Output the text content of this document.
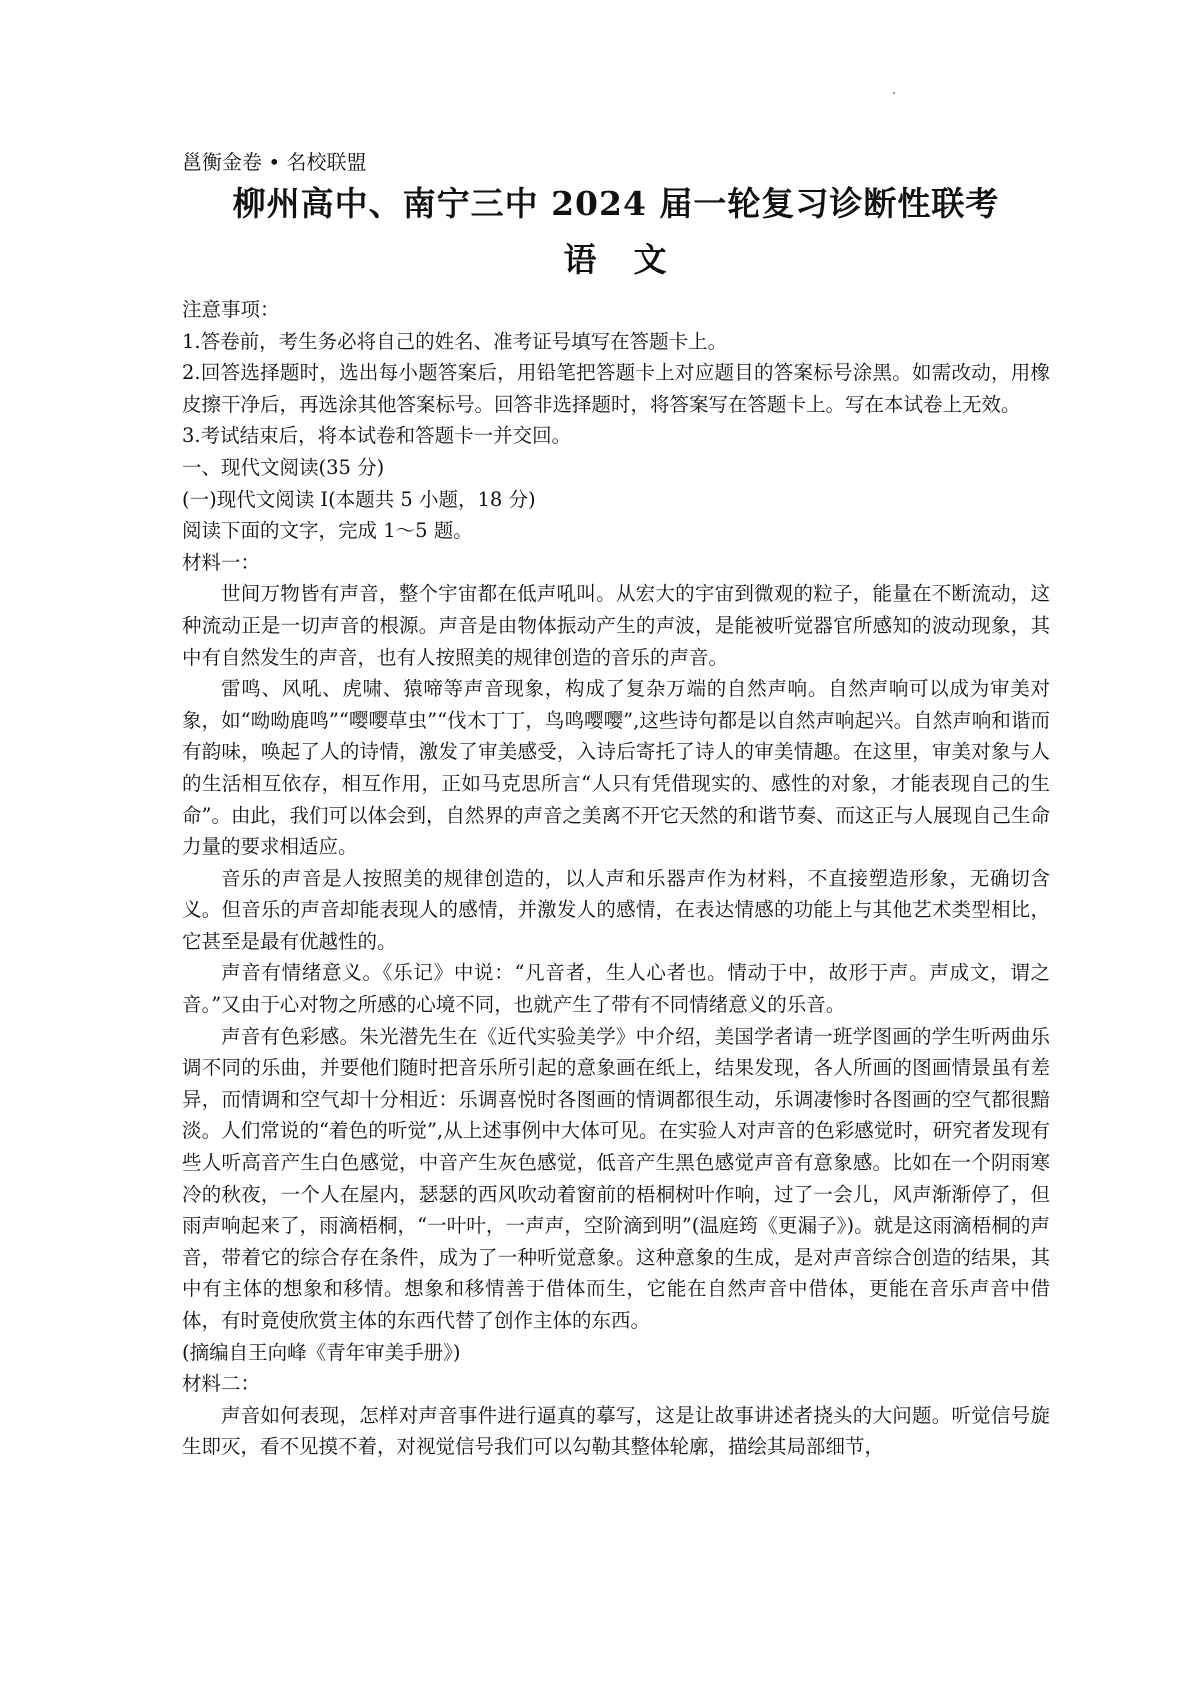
邕衡金卷 • 名校联盟

柳州高中、南宁三中 2024 届一轮复习诊断性联考
语　文

注意事项：

1.答卷前，考生务必将自己的姓名、准考证号填写在答题卡上。

2.回答选择题时，选出每小题答案后，用铅笔把答题卡上对应题目的答案标号涂黑。如需改动，用橡皮擦干净后，再选涂其他答案标号。回答非选择题时，将答案写在答题卡上。写在本试卷上无效。

3.考试结束后，将本试卷和答题卡一并交回。

一、现代文阅读(35 分)

(一)现代文阅读 I(本题共 5 小题，18 分)

阅读下面的文字，完成 1～5 题。

材料一：

世间万物皆有声音，整个宇宙都在低声吼叫。从宏大的宇宙到微观的粒子，能量在不断流动，这种流动正是一切声音的根源。声音是由物体振动产生的声波，是能被听觉器官所感知的波动现象，其中有自然发生的声音，也有人按照美的规律创造的音乐的声音。

雷鸣、风吼、虎啸、猿啼等声音现象，构成了复杂万端的自然声响。自然声响可以成为审美对象，如“呦呦鹿鸣”“嘤嘤草虫”“伐木丁丁，鸟鸣嘤嘤”,这些诗句都是以自然声响起兴。自然声响和谐而有韵味，唤起了人的诗情，激发了审美感受，入诗后寄托了诗人的审美情趣。在这里，审美对象与人的生活相互依存，相互作用，正如马克思所言“人只有凭借现实的、感性的对象，才能表现自己的生命”。由此，我们可以体会到，自然界的声音之美离不开它天然的和谐节奏、而这正与人展现自己生命力量的要求相适应。

音乐的声音是人按照美的规律创造的，以人声和乐器声作为材料，不直接塑造形象，无确切含义。但音乐的声音却能表现人的感情，并激发人的感情，在表达情感的功能上与其他艺术类型相比，它甚至是最有优越性的。

声音有情绪意义。《乐记》中说：“凡音者，生人心者也。情动于中，故形于声。声成文，谓之音。”又由于心对物之所感的心境不同，也就产生了带有不同情绪意义的乐音。

声音有色彩感。朱光潜先生在《近代实验美学》中介绍，美国学者请一班学图画的学生听两曲乐调不同的乐曲，并要他们随时把音乐所引起的意象画在纸上，结果发现，各人所画的图画情景虽有差异，而情调和空气却十分相近：乐调喜悦时各图画的情调都很生动，乐调凄惨时各图画的空气都很黯淡。人们常说的“着色的听觉”,从上述事例中大体可见。在实验人对声音的色彩感觉时，研究者发现有些人听高音产生白色感觉，中音产生灰色感觉，低音产生黑色感觉声音有意象感。比如在一个阴雨寒冷的秋夜，一个人在屋内，瑟瑟的西风吹动着窗前的梧桐树叶作响，过了一会儿，风声渐渐停了，但雨声响起来了，雨滴梧桐，“一叶叶，一声声，空阶滴到明”(温庭筠《更漏子》)。就是这雨滴梧桐的声音，带着它的综合存在条件，成为了一种听觉意象。这种意象的生成，是对声音综合创造的结果，其中有主体的想象和移情。想象和移情善于借体而生，它能在自然声音中借体，更能在音乐声音中借体，有时竟使欣赏主体的东西代替了创作主体的东西。

(摘编自王向峰《青年审美手册》)

材料二：

声音如何表现，怎样对声音事件进行逼真的摹写，这是让故事讲述者挠头的大问题。听觉信号旋生即灭，看不见摸不着，对视觉信号我们可以勾勒其整体轮廓，描绘其局部细节，
